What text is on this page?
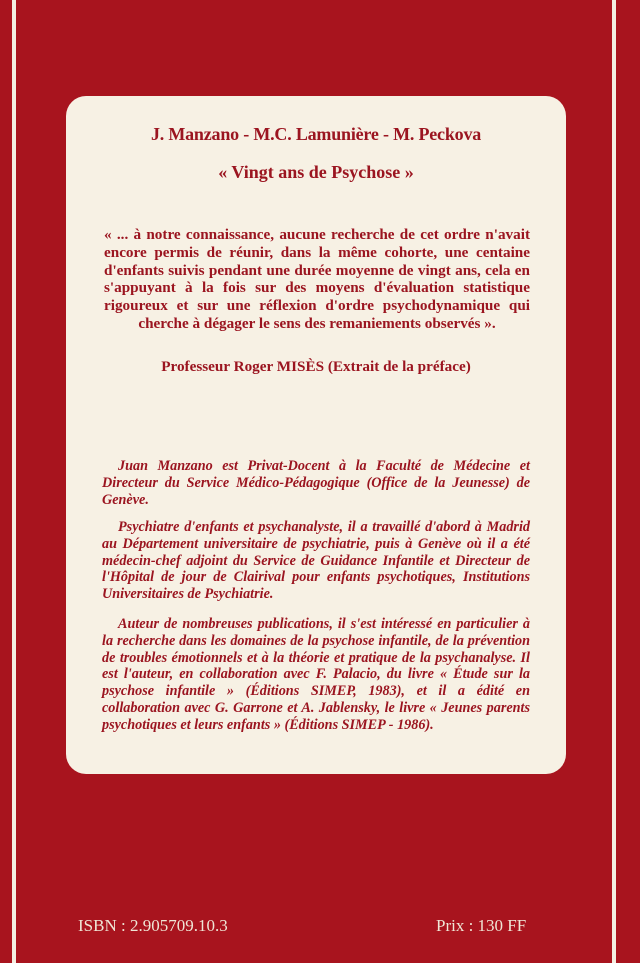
J. Manzano - M.C. Lamunière - M. Peckova
« Vingt ans de Psychose »
« ... à notre connaissance, aucune recherche de cet ordre n'avait encore permis de réunir, dans la même cohorte, une centaine d'enfants suivis pendant une durée moyenne de vingt ans, cela en s'appuyant à la fois sur des moyens d'évaluation statistique rigoureux et sur une réflexion d'ordre psychodynamique qui cherche à dégager le sens des remaniements observés ».
Professeur Roger MISÈS (Extrait de la préface)

Juan Manzano est Privat-Docent à la Faculté de Médecine et Directeur du Service Médico-Pédagogique (Office de la Jeunesse) de Genève.

Psychiatre d'enfants et psychanalyste, il a travaillé d'abord à Madrid au Département universitaire de psychiatrie, puis à Genève où il a été médecin-chef adjoint du Service de Guidance Infantile et Directeur de l'Hôpital de jour de Clairival pour enfants psychotiques, Institutions Universitaires de Psychiatrie.

Auteur de nombreuses publications, il s'est intéressé en particulier à la recherche dans les domaines de la psychose infantile, de la prévention de troubles émotionnels et à la théorie et pratique de la psychanalyse. Il est l'auteur, en collaboration avec F. Palacio, du livre « Étude sur la psychose infantile » (Éditions SIMEP, 1983), et il a édité en collaboration avec G. Garrone et A. Jablensky, le livre « Jeunes parents psychotiques et leurs enfants » (Éditions SIMEP - 1986).

ISBN : 2.905709.10.3	Prix : 130 FF
